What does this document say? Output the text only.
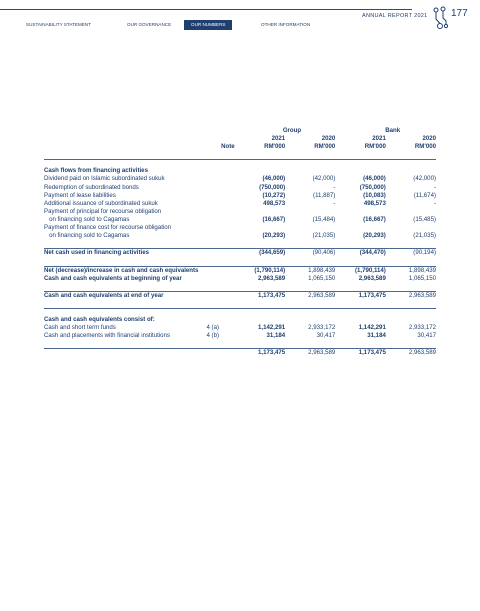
ANNUAL REPORT 2021 177
SUSTAINABILITY STATEMENT	OUR GOVERNANCE	OUR NUMBERS	OTHER INFORMATION
		Group		Bank	
		2021	2020	2021	2020
	Note	RM'000	RM'000	RM'000	RM'000

Cash flows from financing activities					
Dividend paid on Islamic subordinated sukuk		(46,000)	(42,000)	(46,000)	(42,000)
Redemption of subordinated bonds		(750,000)	-	(750,000)	-
Payment of lease liabilities		(10,272)	(11,887)	(10,083)	(11,674)
Additional issuance of subordinated sukuk		498,573	-	498,573	-
Payment of principal for recourse obligation					
on financing sold to Cagamas		(16,667)	(15,484)	(16,667)	(15,485)
Payment of finance cost for recourse obligation					
on financing sold to Cagamas		(20,293)	(21,035)	(20,293)	(21,035)

Net cash used in financing activities		(344,659)	(90,406)	(344,470)	(90,194)

Net (decrease)/increase in cash and cash equivalents		(1,790,114)	1,898,439	(1,790,114)	1,898,439
Cash and cash equivalents at beginning of year		2,963,589	1,065,150	2,963,589	1,065,150

Cash and cash equivalents at end of year		1,173,475	2,963,589	1,173,475	2,963,589

Cash and cash equivalents consist of:					
Cash and short term funds	4 (a)	1,142,291	2,933,172	1,142,291	2,933,172
Cash and placements with financial institutions	4 (b)	31,184	30,417	31,184	30,417

		1,173,475	2,963,589	1,173,475	2,963,589
